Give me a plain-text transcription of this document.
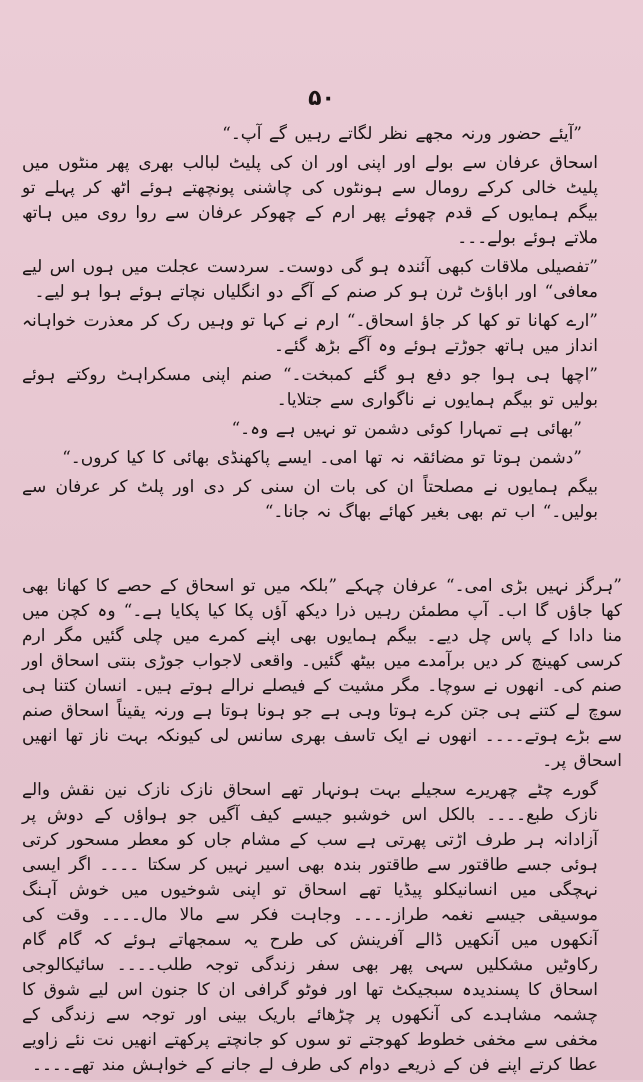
۵۰

”آیئے حضور ورنہ مجھے نظر لگاتے رہیں گے آپ۔“

اسحاق عرفان سے بولے اور اپنی اور ان کی پلیٹ لبالب بھری پھر منٹوں میں پلیٹ خالی کرکے رومال سے ہونٹوں کی چاشنی پونچھتے ہوئے اٹھ کر پہلے تو بیگم ہمایوں کے قدم چھوئے پھر ارم کے چھوکر عرفان سے روا روی میں ہاتھ ملاتے ہوئے بولے۔۔۔

”تفصیلی ملاقات کبھی آئندہ ہو گی دوست۔ سردست عجلت میں ہوں اس لیے معافی“ اور اباؤٹ ٹرن ہو کر صنم کے آگے دو انگلیاں نچاتے ہوئے ہوا ہو لیے۔

”ارے کھانا تو کھا کر جاؤ اسحاق۔“ ارم نے کہا تو وہیں رک کر معذرت خواہانہ انداز میں ہاتھ جوڑتے ہوئے وہ آگے بڑھ گئے۔

”اچھا ہی ہوا جو دفع ہو گئے کمبخت۔“ صنم اپنی مسکراہٹ روکتے ہوئے بولیں تو بیگم ہمایوں نے ناگواری سے جتلایا۔

”بھائی ہے تمہارا کوئی دشمن تو نہیں ہے وہ۔“

”دشمن ہوتا تو مضائقہ نہ تھا امی۔ ایسے پاکھنڈی بھائی کا کیا کروں۔“

بیگم ہمایوں نے مصلحتاً ان کی بات ان سنی کر دی اور پلٹ کر عرفان سے بولیں۔“ اب تم بھی بغیر کھائے بھاگ نہ جانا۔“

”ہرگز نہیں بڑی امی۔“ عرفان چہکے ”بلکہ میں تو اسحاق کے حصے کا کھانا بھی کھا جاؤں گا اب۔ آپ مطمئن رہیں ذرا دیکھ آؤں پکا کیا پکایا ہے۔“ وہ کچن میں منا دادا کے پاس چل دیے۔ بیگم ہمایوں بھی اپنے کمرے میں چلی گئیں مگر ارم کرسی کھینچ کر دیں برآمدے میں بیٹھ گئیں۔ واقعی لاجواب جوڑی بنتی اسحاق اور صنم کی۔ انھوں نے سوچا۔ مگر مشیت کے فیصلے نرالے ہوتے ہیں۔ انسان کتنا ہی سوچ لے کتنے ہی جتن کرے ہوتا وہی ہے جو ہونا ہوتا ہے ورنہ یقیناً اسحاق صنم سے بڑے ہوتے۔۔۔۔ انھوں نے ایک تاسف بھری سانس لی کیونکہ بہت ناز تھا انھیں اسحاق پر۔

گورے چٹے چھریرے سجیلے بہت ہونہار تھے اسحاق نازک نازک نین نقش والے نازک طبع۔۔۔۔ بالکل اس خوشبو جیسے کیف آگیں جو ہواؤں کے دوش پر آزادانہ ہر طرف اڑتی پھرتی ہے سب کے مشام جاں کو معطر مسحور کرتی ہوئی جسے طاقتور سے طاقتور بندہ بھی اسیر نہیں کر سکتا ۔۔۔۔ اگر ایسی نہچگی میں انسانیکلو پیڈیا تھے اسحاق تو اپنی شوخیوں میں خوش آہنگ موسیقی جیسے نغمہ طراز۔۔۔۔ وجاہت فکر سے مالا مال۔۔۔۔ وقت کی آنکھوں میں آنکھیں ڈالے آفرینش کی طرح یہ سمجھاتے ہوئے کہ گام گام رکاوٹیں مشکلیں سہی پھر بھی سفر زندگی توجہ طلب۔۔۔۔ سائیکالوجی اسحاق کا پسندیدہ سبجیکٹ تھا اور فوٹو گرافی ان کا جنون اس لیے شوق کا چشمہ مشاہدے کی آنکھوں پر چڑھائے باریک بینی اور توجہ سے زندگی کے مخفی سے مخفی خطوط کھوجتے تو سوں کو جانچتے پرکھتے انھیں نت نئے زاویے عطا کرتے اپنے فن کے ذریعے دوام کی طرف لے جانے کے خواہش مند تھے۔۔۔۔
